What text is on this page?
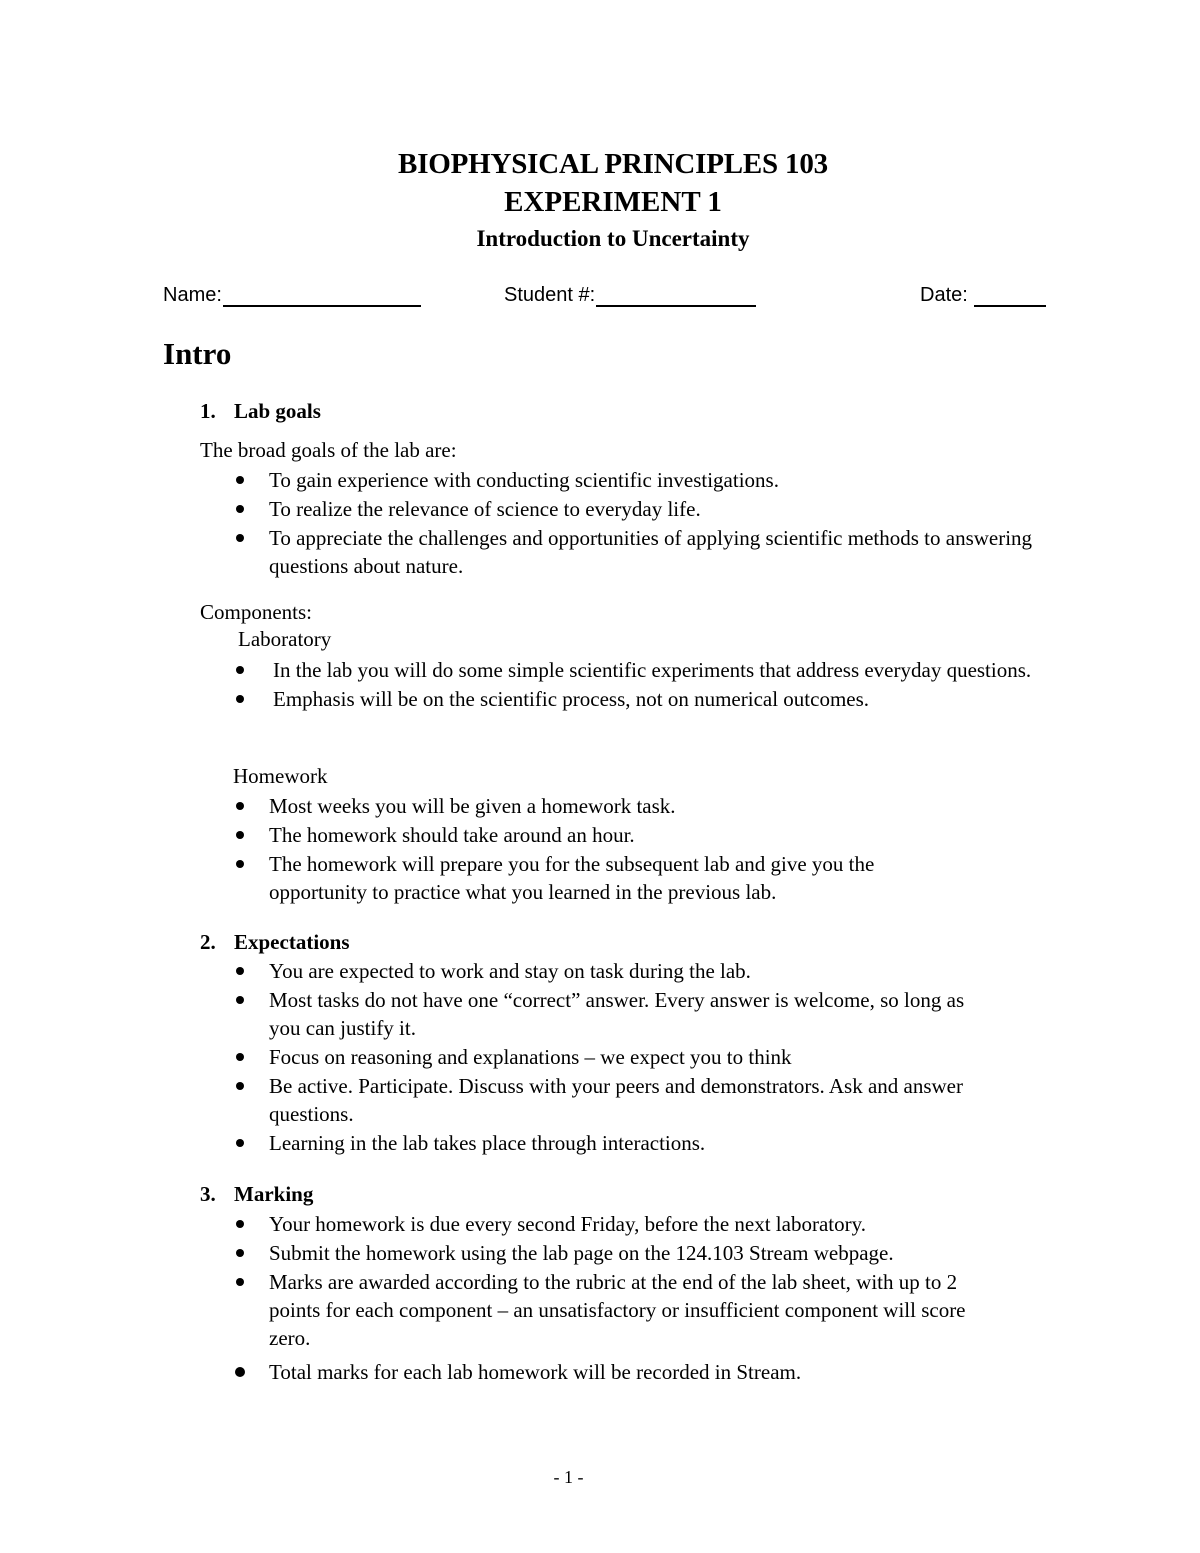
BIOPHYSICAL PRINCIPLES 103
EXPERIMENT 1
Introduction to Uncertainty
Name:	Student #:	Date:
Intro
1. Lab goals

The broad goals of the lab are:

To gain experience with conducting scientific investigations.
To realize the relevance of science to everyday life.
To appreciate the challenges and opportunities of applying scientific methods to answering questions about nature.

Components:

Laboratory

In the lab you will do some simple scientific experiments that address everyday questions.
Emphasis will be on the scientific process, not on numerical outcomes.

Homework

Most weeks you will be given a homework task.
The homework should take around an hour.
The homework will prepare you for the subsequent lab and give you the opportunity to practice what you learned in the previous lab.
2. Expectations
You are expected to work and stay on task during the lab.
Most tasks do not have one “correct” answer. Every answer is welcome, so long as you can justify it.
Focus on reasoning and explanations – we expect you to think
Be active. Participate. Discuss with your peers and demonstrators. Ask and answer questions.
Learning in the lab takes place through interactions.
3. Marking
Your homework is due every second Friday, before the next laboratory.
Submit the homework using the lab page on the 124.103 Stream webpage.
Marks are awarded according to the rubric at the end of the lab sheet, with up to 2 points for each component – an unsatisfactory or insufficient component will score zero.
Total marks for each lab homework will be recorded in Stream.
- 1 -
